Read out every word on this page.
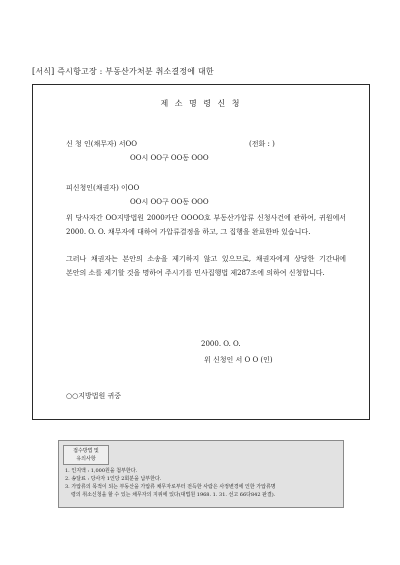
[서식] 즉시항고장 : 부동산가처분 취소결정에 대한
제 소 명 령 신 청
신 청 인(채무자) 서OO	(전화 : )
OO시 OO구 OO동 OOO
피신청인(채권자) 이OO
OO시 OO구 OO동 OOO
위 당사자간 OO지방법원 2000카단 OOOO호 부동산가압류 신청사건에 관하여, 귀원에서 2000. O. O. 채무자에 대하여 가압류결정을 하고, 그 집행을 완료한바 있습니다.
그러나 채권자는 본안의 소송을 제기하지 않고 있으므로, 채권자에게 상당한 기간내에 본안의 소를 제기할 것을 명하여 주시기를 민사집행법 제287조에 의하여 신청합니다.
2000. O. O.
위 신청인 서 O O (인)
○○지방법원 귀중
접수방법 및
유의사항
1. 인지액 : 1,000원을 첨부한다.
2. 송달료 : 당사자 1인당 2회분을 납부한다.
3. 가압류의 목적이 되는 부동산을 가압류 채무자로부터 전득한 사람은 사정변경에 인한 가압류명
령의 취소신청을 할 수 있는 채무자의 지위에 있다(대법원 1968. 1. 31. 선고 66다842 판결).
